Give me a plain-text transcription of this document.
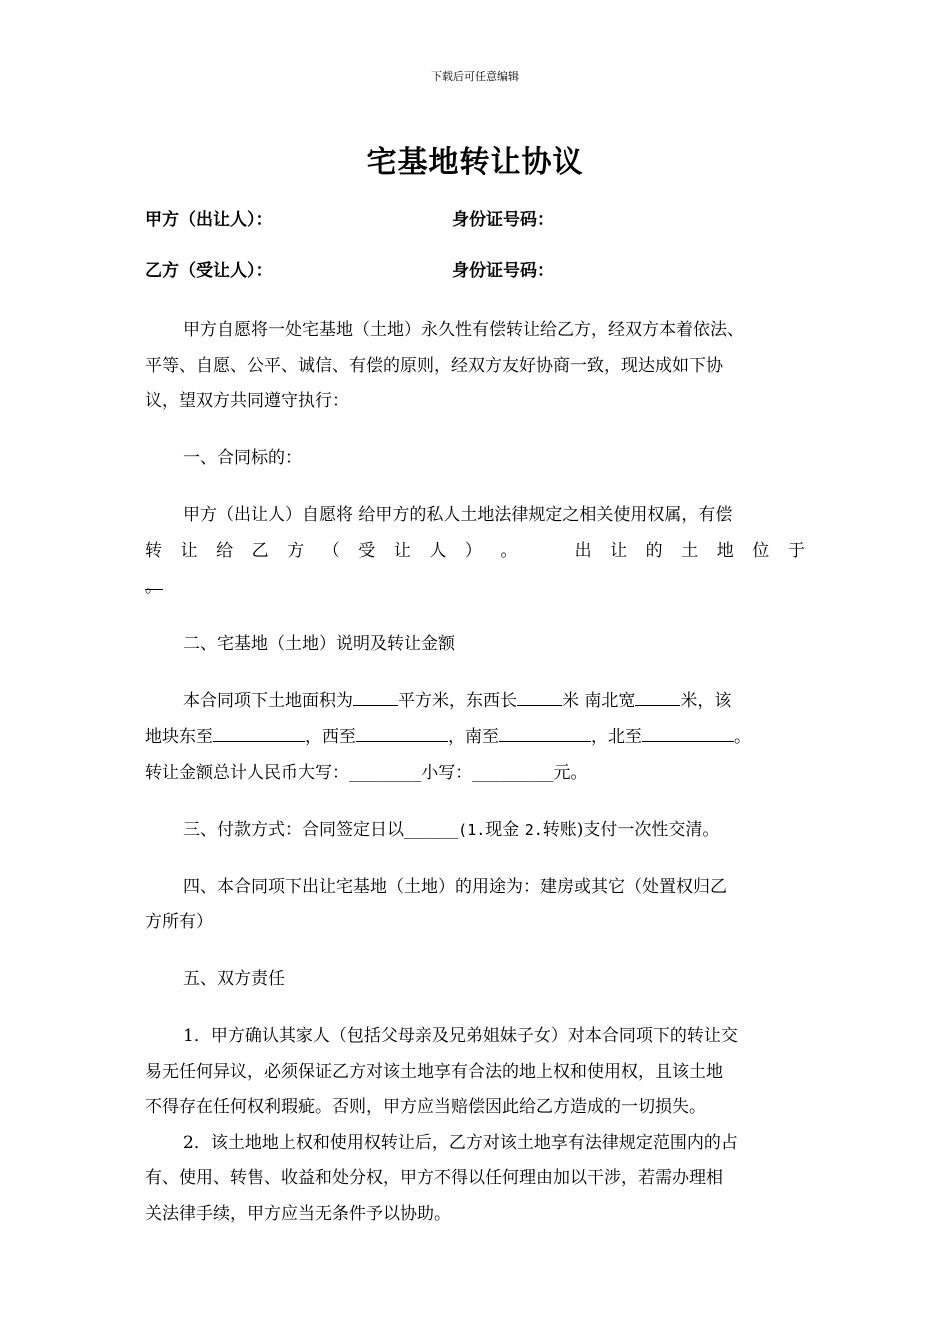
下载后可任意编辑
宅基地转让协议
甲方（出让人）：	身份证号码：
乙方（受让人）：	身份证号码：
甲方自愿将一处宅基地（土地）永久性有偿转让给乙方，经双方本着依法、
平等、自愿、公平、诚信、有偿的原则，经双方友好协商一致，现达成如下协
议，望双方共同遵守执行：
一、合同标的：
甲方（出让人）自愿将 给甲方的私人土地法律规定之相关使用权属，有偿
转 让 给 乙 方 （ 受 让 人 ） 。	出 让 的 土 地 位 于
。
二、宅基地（土地）说明及转让金额
本合同项下土地面积为	平方米，东西长	米 南北宽	米，该
地块东至	，西至	，南至	，北至	。
转让金额总计人民币大写：________小写：_________元。
三、付款方式：合同签定日以______(1.现金 2.转账)支付一次性交清。
四、本合同项下出让宅基地（土地）的用途为：建房或其它（处置权归乙
方所有）
五、双方责任
1．甲方确认其家人（包括父母亲及兄弟姐妹子女）对本合同项下的转让交
易无任何异议，必须保证乙方对该土地享有合法的地上权和使用权，且该土地
不得存在任何权利瑕疵。否则，甲方应当赔偿因此给乙方造成的一切损失。
2．该土地地上权和使用权转让后，乙方对该土地享有法律规定范围内的占
有、使用、转售、收益和处分权，甲方不得以任何理由加以干涉，若需办理相
关法律手续，甲方应当无条件予以协助。
